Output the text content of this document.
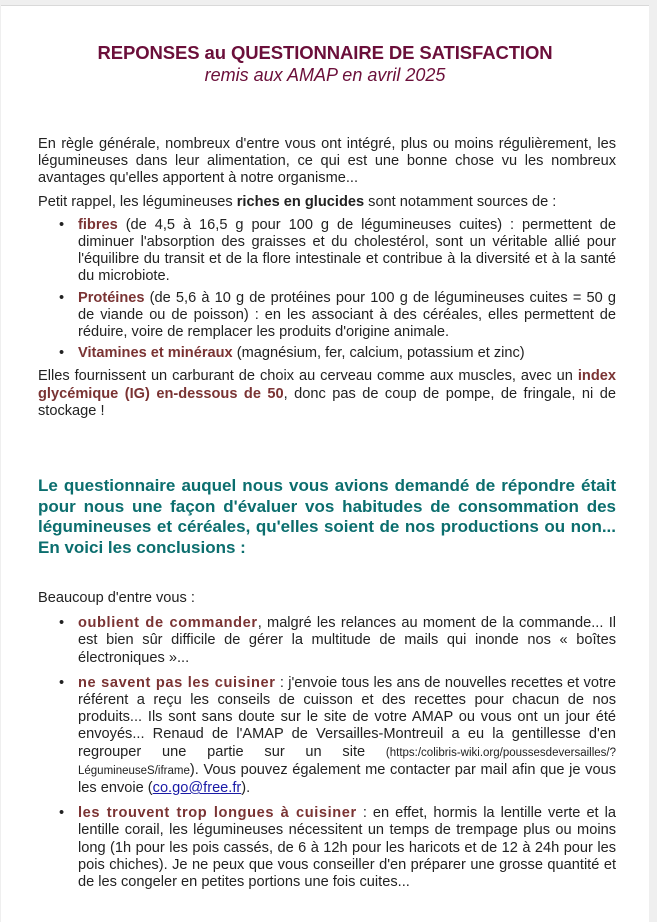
REPONSES au QUESTIONNAIRE DE SATISFACTION
remis aux AMAP en avril 2025

En règle générale, nombreux d'entre vous ont intégré, plus ou moins régulièrement, les légumineuses dans leur alimentation, ce qui est une bonne chose vu les nombreux avantages qu'elles apportent à notre organisme...

Petit rappel, les légumineuses riches en glucides sont notamment sources de :

• fibres (de 4,5 à 16,5 g pour 100 g de légumineuses cuites) : permettent de diminuer l'absorption des graisses et du cholestérol, sont un véritable allié pour l'équilibre du transit et de la flore intestinale et contribue à la diversité et à la santé du microbiote.
• Protéines (de 5,6 à 10 g de protéines pour 100 g de légumineuses cuites = 50 g de viande ou de poisson) : en les associant à des céréales, elles permettent de réduire, voire de remplacer les produits d'origine animale.
• Vitamines et minéraux (magnésium, fer, calcium, potassium et zinc)

Elles fournissent un carburant de choix au cerveau comme aux muscles, avec un index glycémique (IG) en-dessous de 50, donc pas de coup de pompe, de fringale, ni de stockage !

Le questionnaire auquel nous vous avions demandé de répondre était pour nous une façon d'évaluer vos habitudes de consommation des légumineuses et céréales, qu'elles soient de nos productions ou non... En voici les conclusions :

Beaucoup d'entre vous :

• oublient de commander, malgré les relances au moment de la commande... Il est bien sûr difficile de gérer la multitude de mails qui inonde nos « boîtes électroniques »...
• ne savent pas les cuisiner : j'envoie tous les ans de nouvelles recettes et votre référent a reçu les conseils de cuisson et des recettes pour chacun de nos produits... Ils sont sans doute sur le site de votre AMAP ou vous ont un jour été envoyés... Renaud de l'AMAP de Versailles-Montreuil a eu la gentillesse d'en regrouper une partie sur un site (https:/colibris-wiki.org/poussesdeversailles/?LégumineuseS/iframe). Vous pouvez également me contacter par mail afin que je vous les envoie (co.go@free.fr).
• les trouvent trop longues à cuisiner : en effet, hormis la lentille verte et la lentille corail, les légumineuses nécessitent un temps de trempage plus ou moins long (1h pour les pois cassés, de 6 à 12h pour les haricots et de 12 à 24h pour les pois chiches). Je ne peux que vous conseiller d'en préparer une grosse quantité et de les congeler en petites portions une fois cuites...
